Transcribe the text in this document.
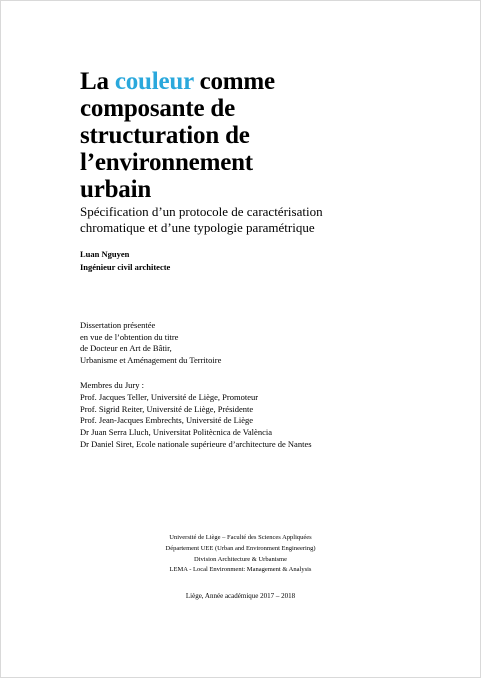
La couleur comme
composante de
structuration de
l’environnement
urbain
Spécification d’un protocole de caractérisation
chromatique et d’une typologie paramétrique
Luan Nguyen
Ingénieur civil architecte
Dissertation présentée
en vue de l’obtention du titre
de Docteur en Art de Bâtir,
Urbanisme et Aménagement du Territoire
Membres du Jury :
Prof. Jacques Teller, Université de Liège, Promoteur
Prof. Sigrid Reiter, Université de Liège, Présidente
Prof. Jean-Jacques Embrechts, Université de Liège
Dr Juan Serra Lluch, Universitat Politècnica de València
Dr Daniel Siret, Ecole nationale supérieure d’architecture de Nantes
Université de Liège – Faculté des Sciences Appliquées
Département UEE (Urban and Environment Engineering)
Division Architecture & Urbanisme
LEMA - Local Environment: Management & Analysis
Liège, Année académique 2017 – 2018
